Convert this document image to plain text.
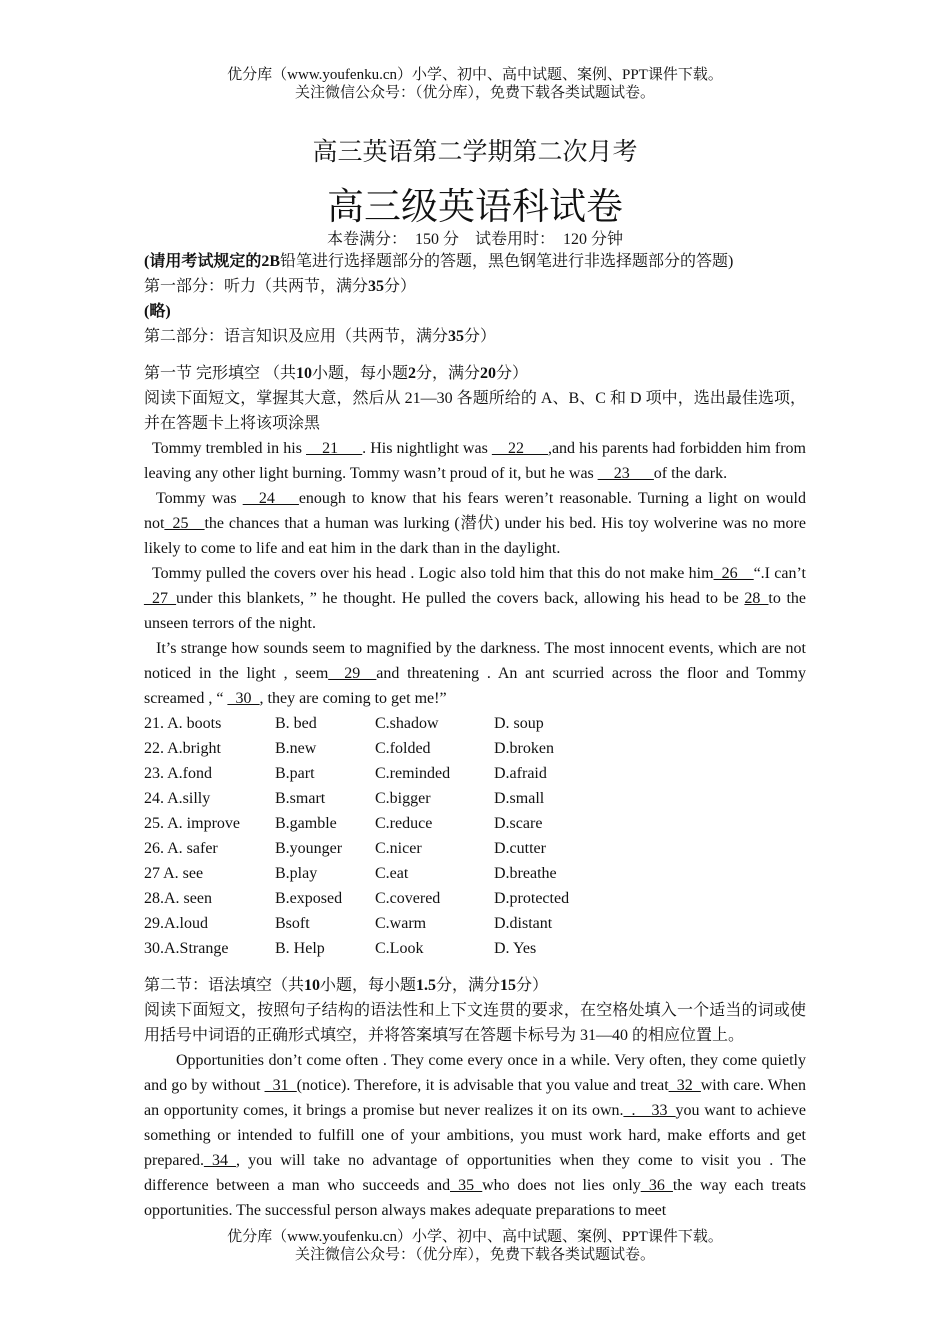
优分库（www.youfenku.cn）小学、初中、高中试题、案例、PPT课件下载。
关注微信公众号：（优分库），免费下载各类试题试卷。
高三英语第二学期第二次月考
高三级英语科试卷
本卷满分：　150 分　试卷用时：　120 分钟

(请用考试规定的2B铅笔进行选择题部分的答题，黑色钢笔进行非选择题部分的答题)

第一部分：听力（共两节，满分35分）

(略)

第二部分：语言知识及应用（共两节，满分35分）

第一节 完形填空 （共10小题，每小题2分，满分20分）

阅读下面短文，掌握其大意，然后从 21—30 各题所给的 A、B、C 和 D 项中，选出最佳选项，并在答题卡上将该项涂黑

Tommy trembled in his __21___. His nightlight was __22___,and his parents had forbidden him from leaving any other light burning. Tommy wasn’t proud of it, but he was __23___of the dark.

Tommy was __24___enough to know that his fears weren’t reasonable. Turning a light on would not_25__the chances that a human was lurking (潜伏) under his bed. His toy wolverine was no more likely to come to life and eat him in the dark than in the daylight.

Tommy pulled the covers over his head . Logic also told him that this do not make him_26__“.I can’t _27_under this blankets, ” he thought. He pulled the covers back, allowing his head to be 28_to the unseen terrors of the night.

It’s strange how sounds seem to magnified by the darkness. The most innocent events, which are not noticed in the light , seem__29__and threatening . An ant scurried across the floor and Tommy screamed , “ _30_, they are coming to get me!”

21. A. boots	B. bed	C.shadow	D. soup
22. A.bright	B.new	C.folded	D.broken
23. A.fond	B.part	C.reminded	D.afraid
24. A.silly	B.smart	C.bigger	D.small
25. A. improve	B.gamble	C.reduce	D.scare
26. A. safer	B.younger	C.nicer	D.cutter
27 A. see	B.play	C.eat	D.breathe
28.A. seen	B.exposed	C.covered	D.protected
29.A.loud	Bsoft	C.warm	D.distant
30.A.Strange	B. Help	C.Look	D. Yes

第二节：语法填空（共10小题，每小题1.5分，满分15分）

阅读下面短文，按照句子结构的语法性和上下文连贯的要求，在空格处填入一个适当的词或使用括号中词语的正确形式填空，并将答案填写在答题卡标号为 31—40 的相应位置上。

Opportunities don’t come often . They come every once in a while. Very often, they come quietly and go by without _31_(notice). Therefore, it is advisable that you value and treat_32_with care. When an opportunity comes, it brings a promise but never realizes it on its own._.__33_you want to achieve something or intended to fulfill one of your ambitions, you must work hard, make efforts and get prepared._34_, you will take no advantage of opportunities when they come to visit you . The difference between a man who succeeds and_35_who does not lies only_36_the way each treats opportunities. The successful person always makes adequate preparations to meet

优分库（www.youfenku.cn）小学、初中、高中试题、案例、PPT课件下载。
关注微信公众号：（优分库），免费下载各类试题试卷。
